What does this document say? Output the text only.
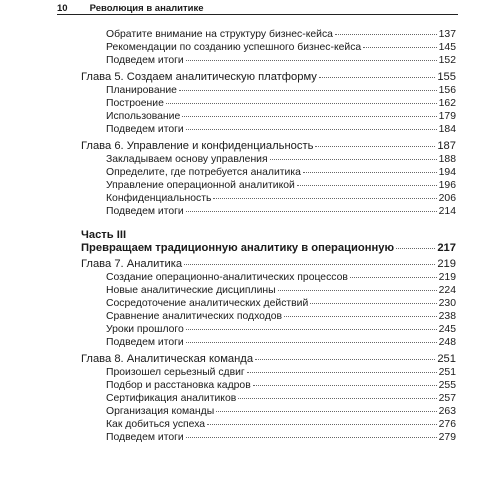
10 Революция в аналитике
Обратите внимание на структуру бизнес-кейса	137
Рекомендации по созданию успешного бизнес-кейса	145
Подведем итоги	152
Глава 5. Создаем аналитическую платформу	155
Планирование	156
Построение	162
Использование	179
Подведем итоги	184
Глава 6. Управление и конфиденциальность	187
Закладываем основу управления	188
Определите, где потребуется аналитика	194
Управление операционной аналитикой	196
Конфиденциальность	206
Подведем итоги	214
Часть III
Превращаем традиционную аналитику в операционную	217
Глава 7. Аналитика	219
Создание операционно-аналитических процессов	219
Новые аналитические дисциплины	224
Сосредоточение аналитических действий	230
Сравнение аналитических подходов	238
Уроки прошлого	245
Подведем итоги	248
Глава 8. Аналитическая команда	251
Произошел серьезный сдвиг	251
Подбор и расстановка кадров	255
Сертификация аналитиков	257
Организация команды	263
Как добиться успеха	276
Подведем итоги	279
